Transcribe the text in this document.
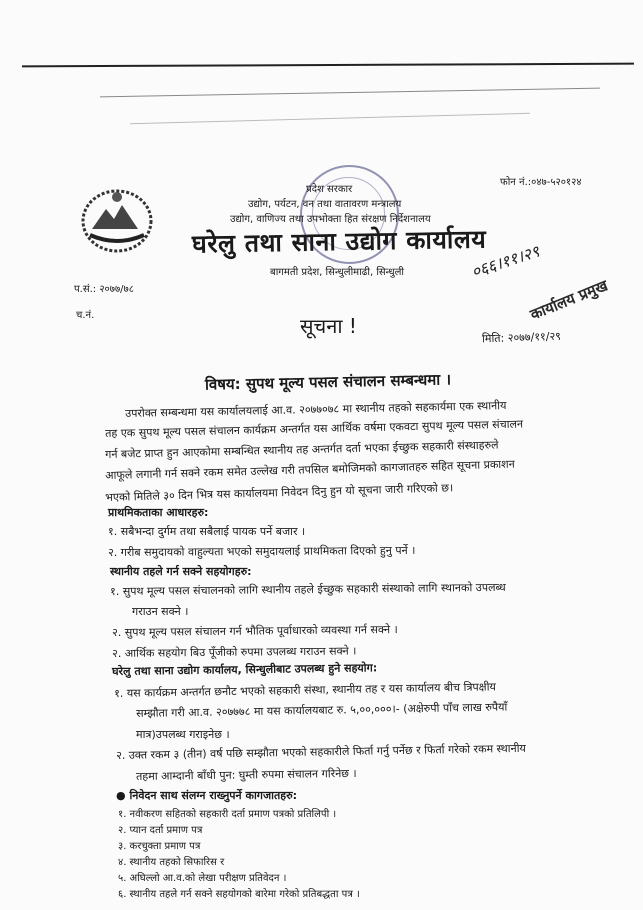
फोन नं.:०४७-५२०१२४
प्रदेश सरकार
उद्योग, पर्यटन, वन तथा वातावरण मन्त्रालय
उद्योग, वाणिज्य तथा उपभोक्ता हित संरक्षण निर्देशनालय
घरेलु तथा साना उद्योग कार्यालय
बागमती प्रदेश, सिन्धुलीमाढी, सिन्धुली
प.सं.: २०७७/७८
च.नं.
०६६।११।२९
कार्यालय प्रमुख
सूचना !	मिति: २०७७/११/२९
विषय: सुपथ मूल्य पसल संचालन सम्बन्धमा ।
उपरोक्त सम्बन्धमा यस कार्यालयलाई आ.व. २०७७०७८ मा स्थानीय तहको सहकार्यमा एक स्थानीय
तह एक सुपथ मूल्य पसल संचालन कार्यक्रम अन्तर्गत यस आर्थिक वर्षमा एकवटा सुपथ मूल्य पसल संचालन
गर्न बजेट प्राप्त हुन आएकोमा सम्बन्धित स्थानीय तह अन्तर्गत दर्ता भएका ईच्छुक सहकारी संस्थाहरुले
आफूले लगानी गर्न सक्ने रकम समेत उल्लेख गरी तपसिल बमोजिमको कागजातहरु सहित सूचना प्रकाशन
भएको मितिले ३० दिन भित्र यस कार्यालयमा निवेदन दिनु हुन यो सूचना जारी गरिएको छ।
प्राथमिकताका आधारहरु:
१. सबैभन्दा दुर्गम तथा सबैलाई पायक पर्ने बजार ।
२. गरीब समुदायको वाहुल्यता भएको समुदायलाई प्राथमिकता दिएको हुनु पर्ने ।
स्थानीय तहले गर्न सक्ने सहयोगहरु:
१. सुपथ मूल्य पसल संचालनको लागि स्थानीय तहले ईच्छुक सहकारी संस्थाको लागि स्थानको उपलब्ध
गराउन सक्ने ।
२. सुपथ मूल्य पसल संचालन गर्न भौतिक पूर्वाधारको व्यवस्था गर्न सक्ने ।
२. आर्थिक सहयोग बिउ पूँजीको रुपमा उपलब्ध गराउन सक्ने ।
घरेलु तथा साना उद्योग कार्यालय, सिन्धुलीबाट उपलब्ध हुने सहयोग:
१. यस कार्यक्रम अन्तर्गत छनौट भएको सहकारी संस्था, स्थानीय तह र यस कार्यालय बीच त्रिपक्षीय
सम्झौता गरी आ.व. २०७७७८ मा यस कार्यालयबाट रु. ५,००,०००।- (अक्षेरुपी पाँच लाख रुपैयाँ
मात्र)उपलब्ध गराइनेछ ।
२. उक्त रकम ३ (तीन) वर्ष पछि सम्झौता भएको सहकारीले फिर्ता गर्नु पर्नेछ र फिर्ता गरेको रकम स्थानीय
तहमा आम्दानी बाँधी पुन: घुम्ती रुपमा संचालन गरिनेछ ।
● निवेदन साथ संलग्न राख्नुपर्ने कागजातहरु:
१. नवीकरण सहितको सहकारी दर्ता प्रमाण पत्रको प्रतिलिपी ।
२. प्यान दर्ता प्रमाण पत्र
३. करचुक्ता प्रमाण पत्र
४. स्थानीय तहको सिफारिस र
५. अघिल्लो आ.व.को लेखा परीक्षण प्रतिवेदन ।
६. स्थानीय तहले गर्न सक्ने सहयोगको बारेमा गरेको प्रतिबद्धता पत्र ।
